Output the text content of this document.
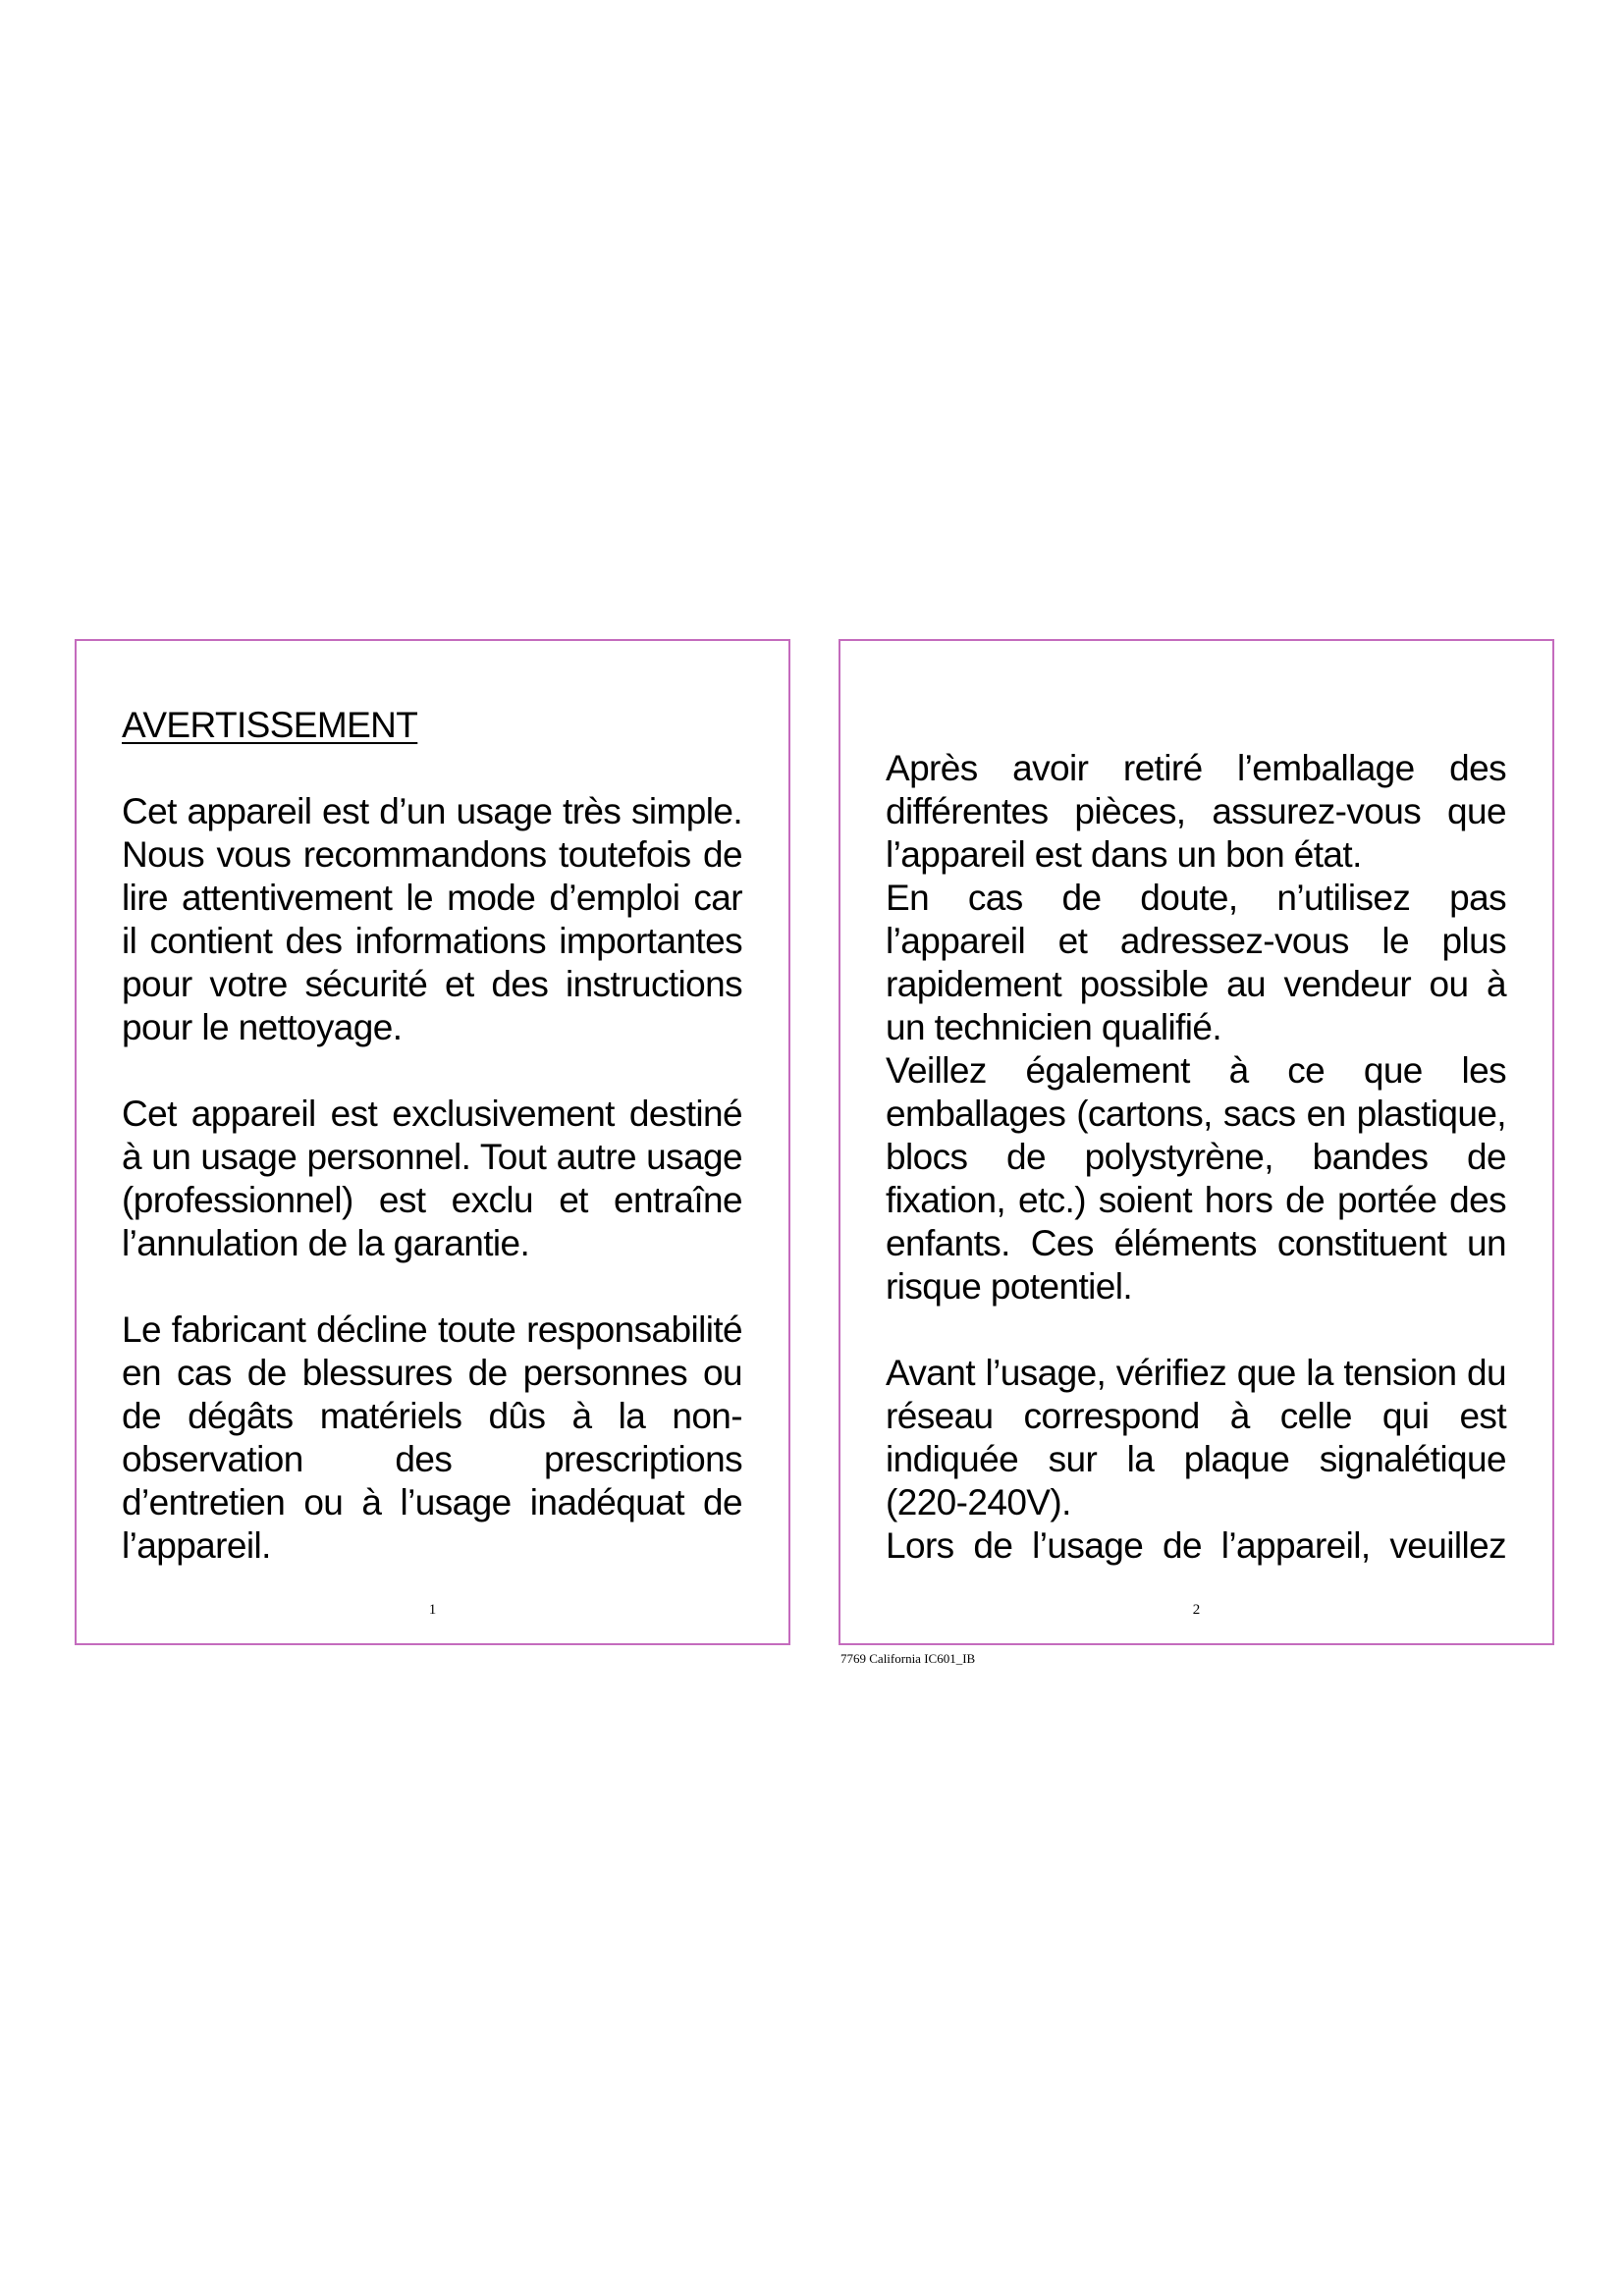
AVERTISSEMENT

Cet appareil est d’un usage très simple. Nous vous recommandons toutefois de lire attentivement le mode d’emploi car il contient des informations importantes pour votre sécurité et des instructions pour le nettoyage.

Cet appareil est exclusivement destiné à un usage personnel. Tout autre usage (professionnel) est exclu et entraîne l’annulation de la garantie.

Le fabricant décline toute responsabilité en cas de blessures de personnes ou de dégâts matériels dûs à la non-observation des prescriptions d’entretien ou à l’usage inadéquat de l’appareil.

1

Après avoir retiré l’emballage des différentes pièces, assurez-vous que l’appareil est dans un bon état.

En cas de doute, n’utilisez pas l’appareil et adressez-vous le plus rapidement possible au vendeur ou à un technicien qualifié.

Veillez également à ce que les emballages (cartons, sacs en plastique, blocs de polystyrène, bandes de fixation, etc.) soient hors de portée des enfants. Ces éléments constituent un risque potentiel.

Avant l’usage, vérifiez que la tension du réseau correspond à celle qui est indiquée sur la plaque signalétique (220-240V).

Lors de l’usage de l’appareil, veuillez

2
7769 California IC601_IB
